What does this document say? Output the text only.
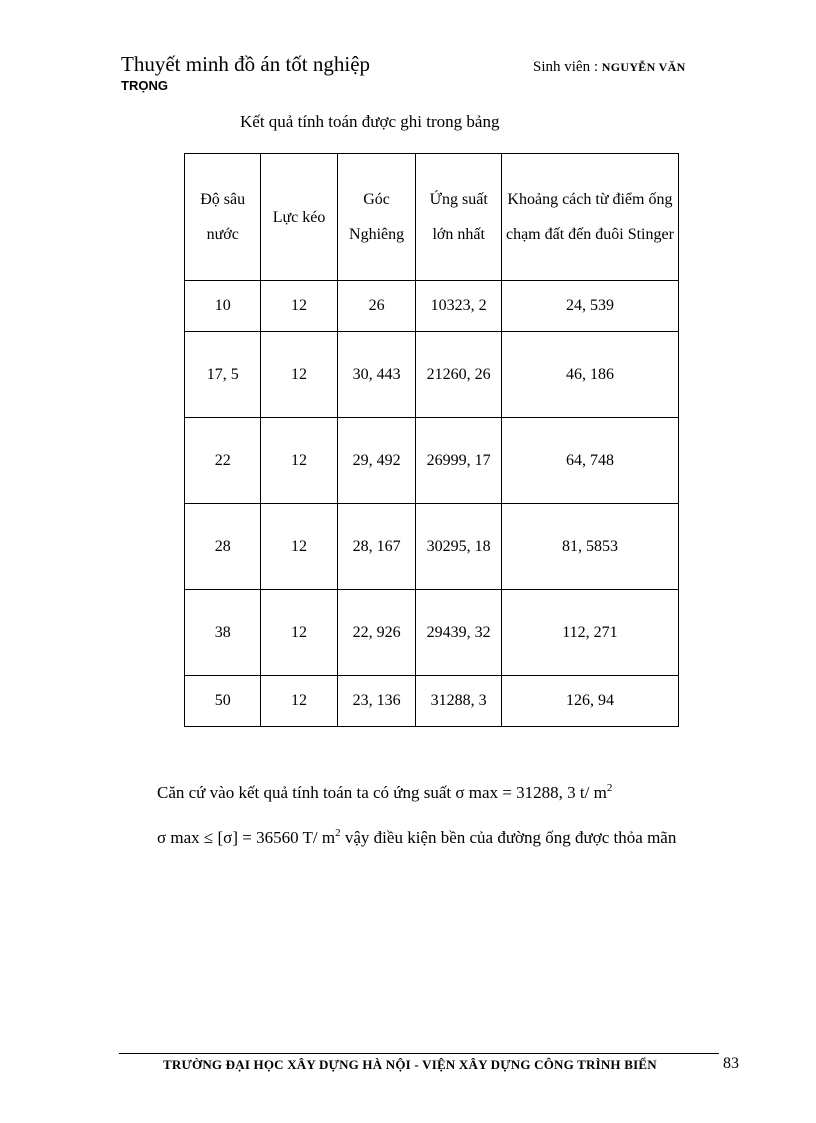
Thuyết minh đồ án tốt nghiệp
TRỌNG
Sinh viên : NGUYỄN VĂN
Kết quả tính toán được ghi trong bảng
Độ sâu nước	Lực kéo	Góc Nghiêng	Ứng suất lớn nhất	Khoảng cách từ điểm ống chạm đất đến đuôi Stinger
10	12	26	10323, 2	24, 539
17, 5	12	30, 443	21260, 26	46, 186
22	12	29, 492	26999, 17	64, 748
28	12	28, 167	30295, 18	81, 5853
38	12	22, 926	29439, 32	112, 271
50	12	23, 136	31288, 3	126, 94
Căn cứ vào kết quả tính toán ta có ứng suất σ max = 31288, 3 t/ $m^2$
σ max ≤ [σ] = 36560 T/ $m^2$ vậy điều kiện bền của đường ống được thỏa mãn
TRƯỜNG ĐẠI HỌC XÂY DỰNG HÀ NỘI - VIỆN XÂY DỰNG CÔNG TRÌNH BIỂN	83
